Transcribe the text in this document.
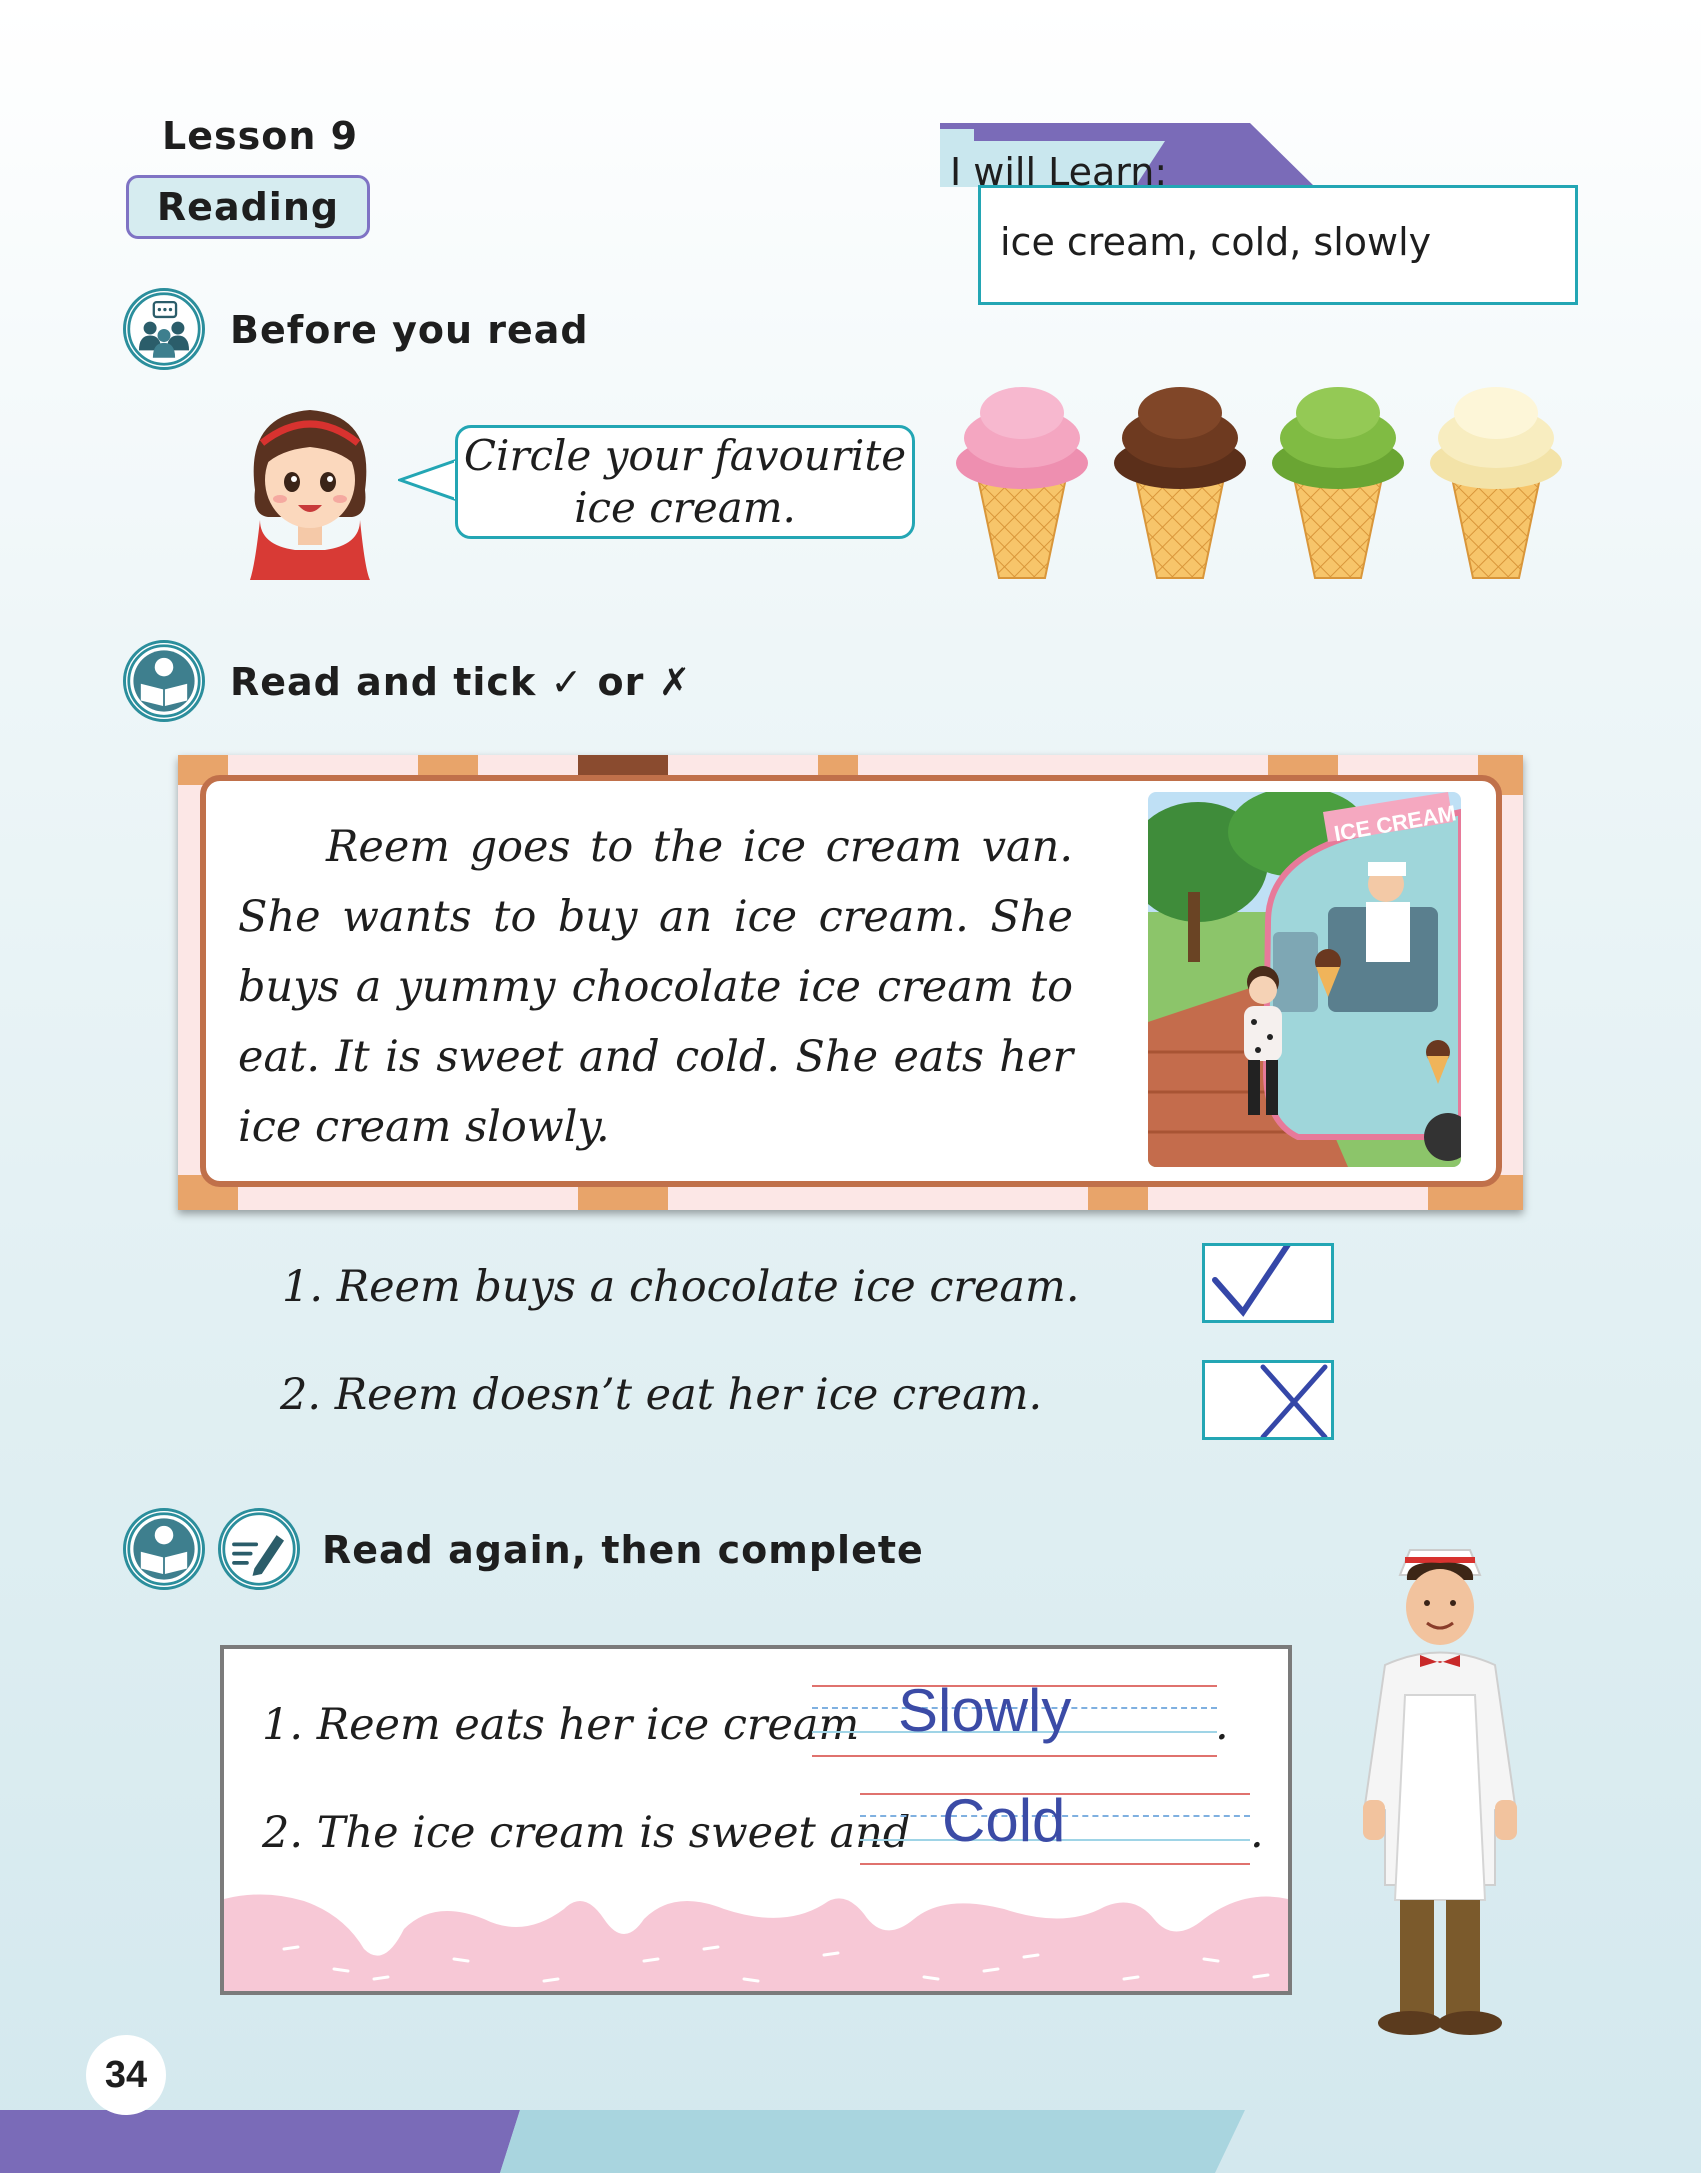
Lesson 9
Reading
I will Learn:
ice cream, cold, slowly
Before you read
Circle your favourite
ice cream.
Read and tick ✓ or ✗
Reem goes to the ice cream van. She wants to buy an ice cream. She buys a yummy chocolate ice cream to eat. It is sweet and cold. She eats her ice cream slowly.
ICE CREAM
1. Reem buys a chocolate ice cream.
2. Reem doesn’t eat her ice cream.
Read again, then complete
1. Reem eats her ice cream Slowly	.
2. The ice cream is sweet and Cold	.
34
